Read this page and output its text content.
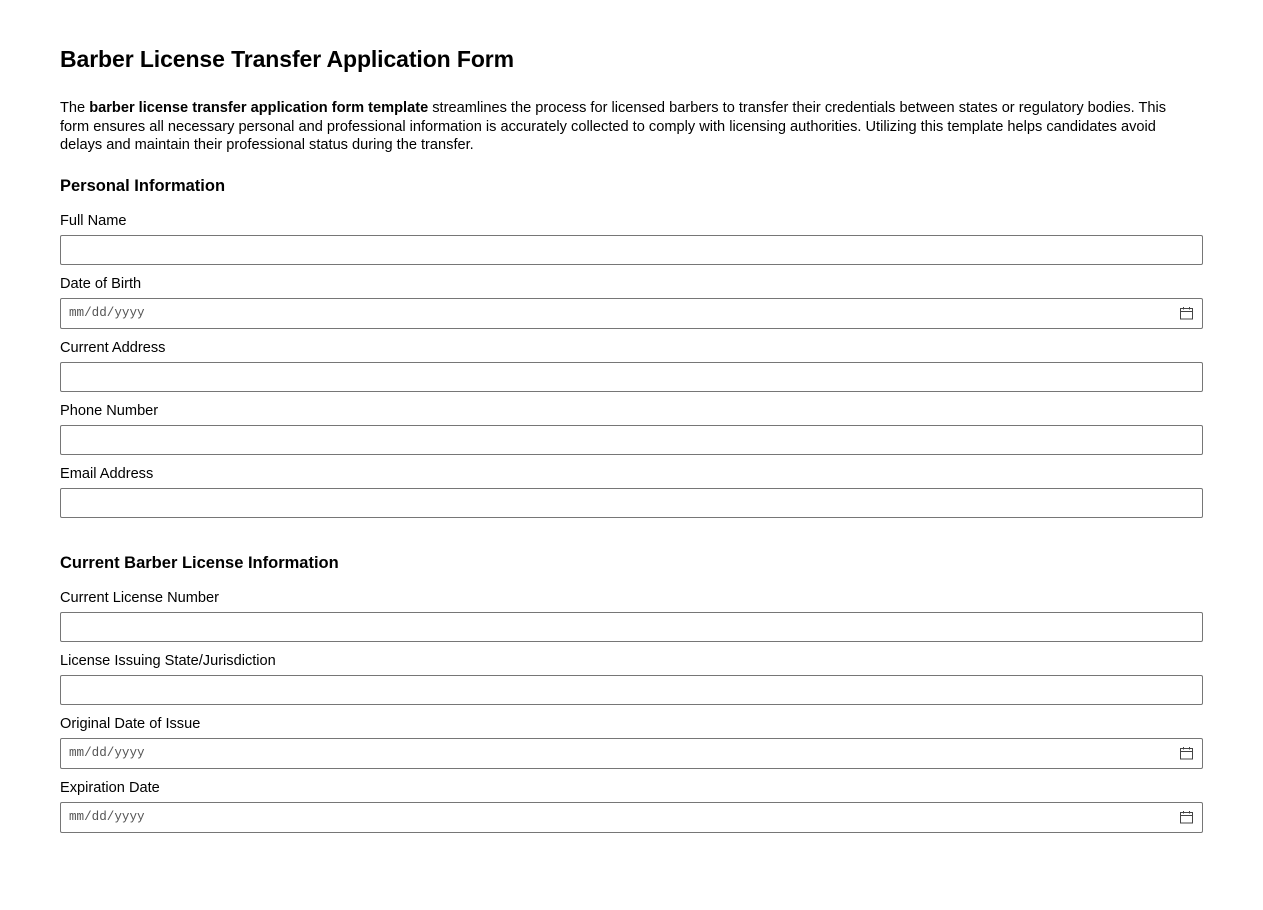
Barber License Transfer Application Form

The barber license transfer application form template streamlines the process for licensed barbers to transfer their credentials between states or regulatory bodies. This form ensures all necessary personal and professional information is accurately collected to comply with licensing authorities. Utilizing this template helps candidates avoid delays and maintain their professional status during the transfer.

Personal Information
Full Name
Date of Birth
mm/dd/yyyy
Current Address
Phone Number
Email Address
Current Barber License Information
Current License Number
License Issuing State/Jurisdiction
Original Date of Issue
mm/dd/yyyy
Expiration Date
mm/dd/yyyy
